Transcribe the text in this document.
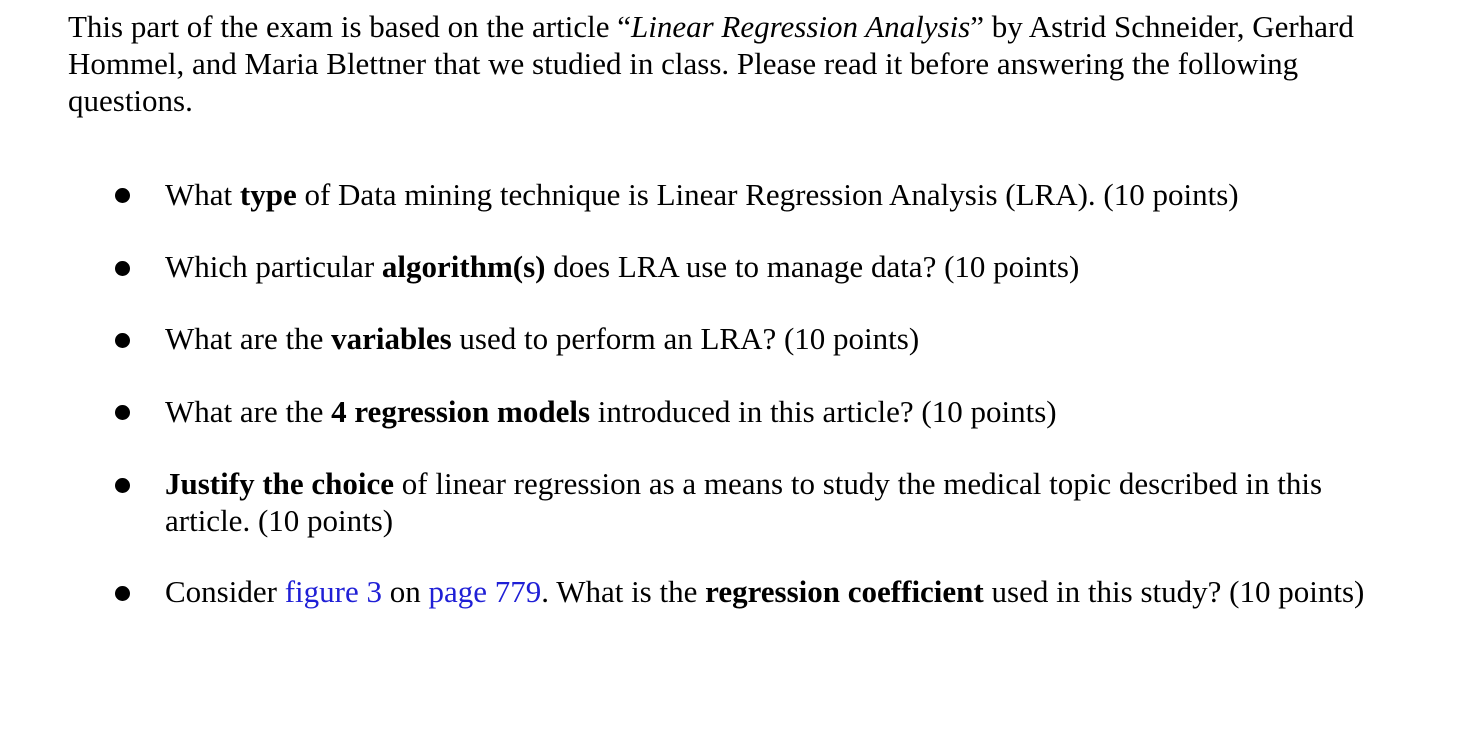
This part of the exam is based on the article “Linear Regression Analysis” by Astrid Schneider, Gerhard Hommel, and Maria Blettner that we studied in class. Please read it before answering the following questions.

What type of Data mining technique is Linear Regression Analysis (LRA). (10 points)

Which particular algorithm(s) does LRA use to manage data? (10 points)

What are the variables used to perform an LRA? (10 points)

What are the 4 regression models introduced in this article? (10 points)

Justify the choice of linear regression as a means to study the medical topic described in this article. (10 points)

Consider figure 3 on page 779. What is the regression coefficient used in this study? (10 points)
